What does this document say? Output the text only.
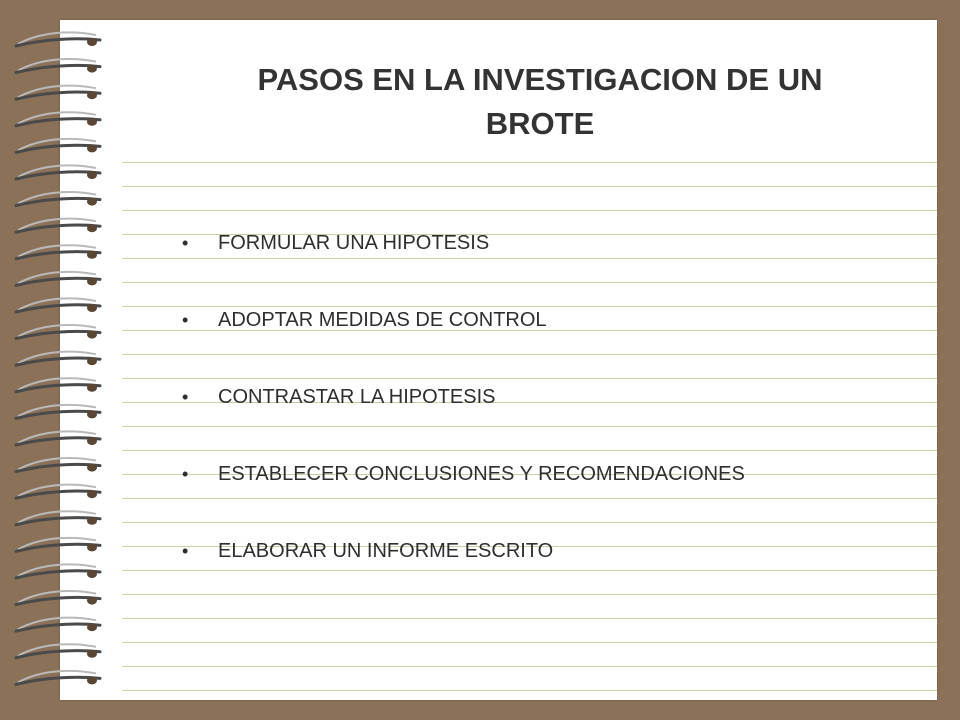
PASOS EN LA INVESTIGACION DE UN
BROTE
•	FORMULAR UNA HIPOTESIS
•	ADOPTAR MEDIDAS DE CONTROL
•	CONTRASTAR LA HIPOTESIS
•	ESTABLECER CONCLUSIONES Y RECOMENDACIONES
•	ELABORAR UN INFORME ESCRITO
